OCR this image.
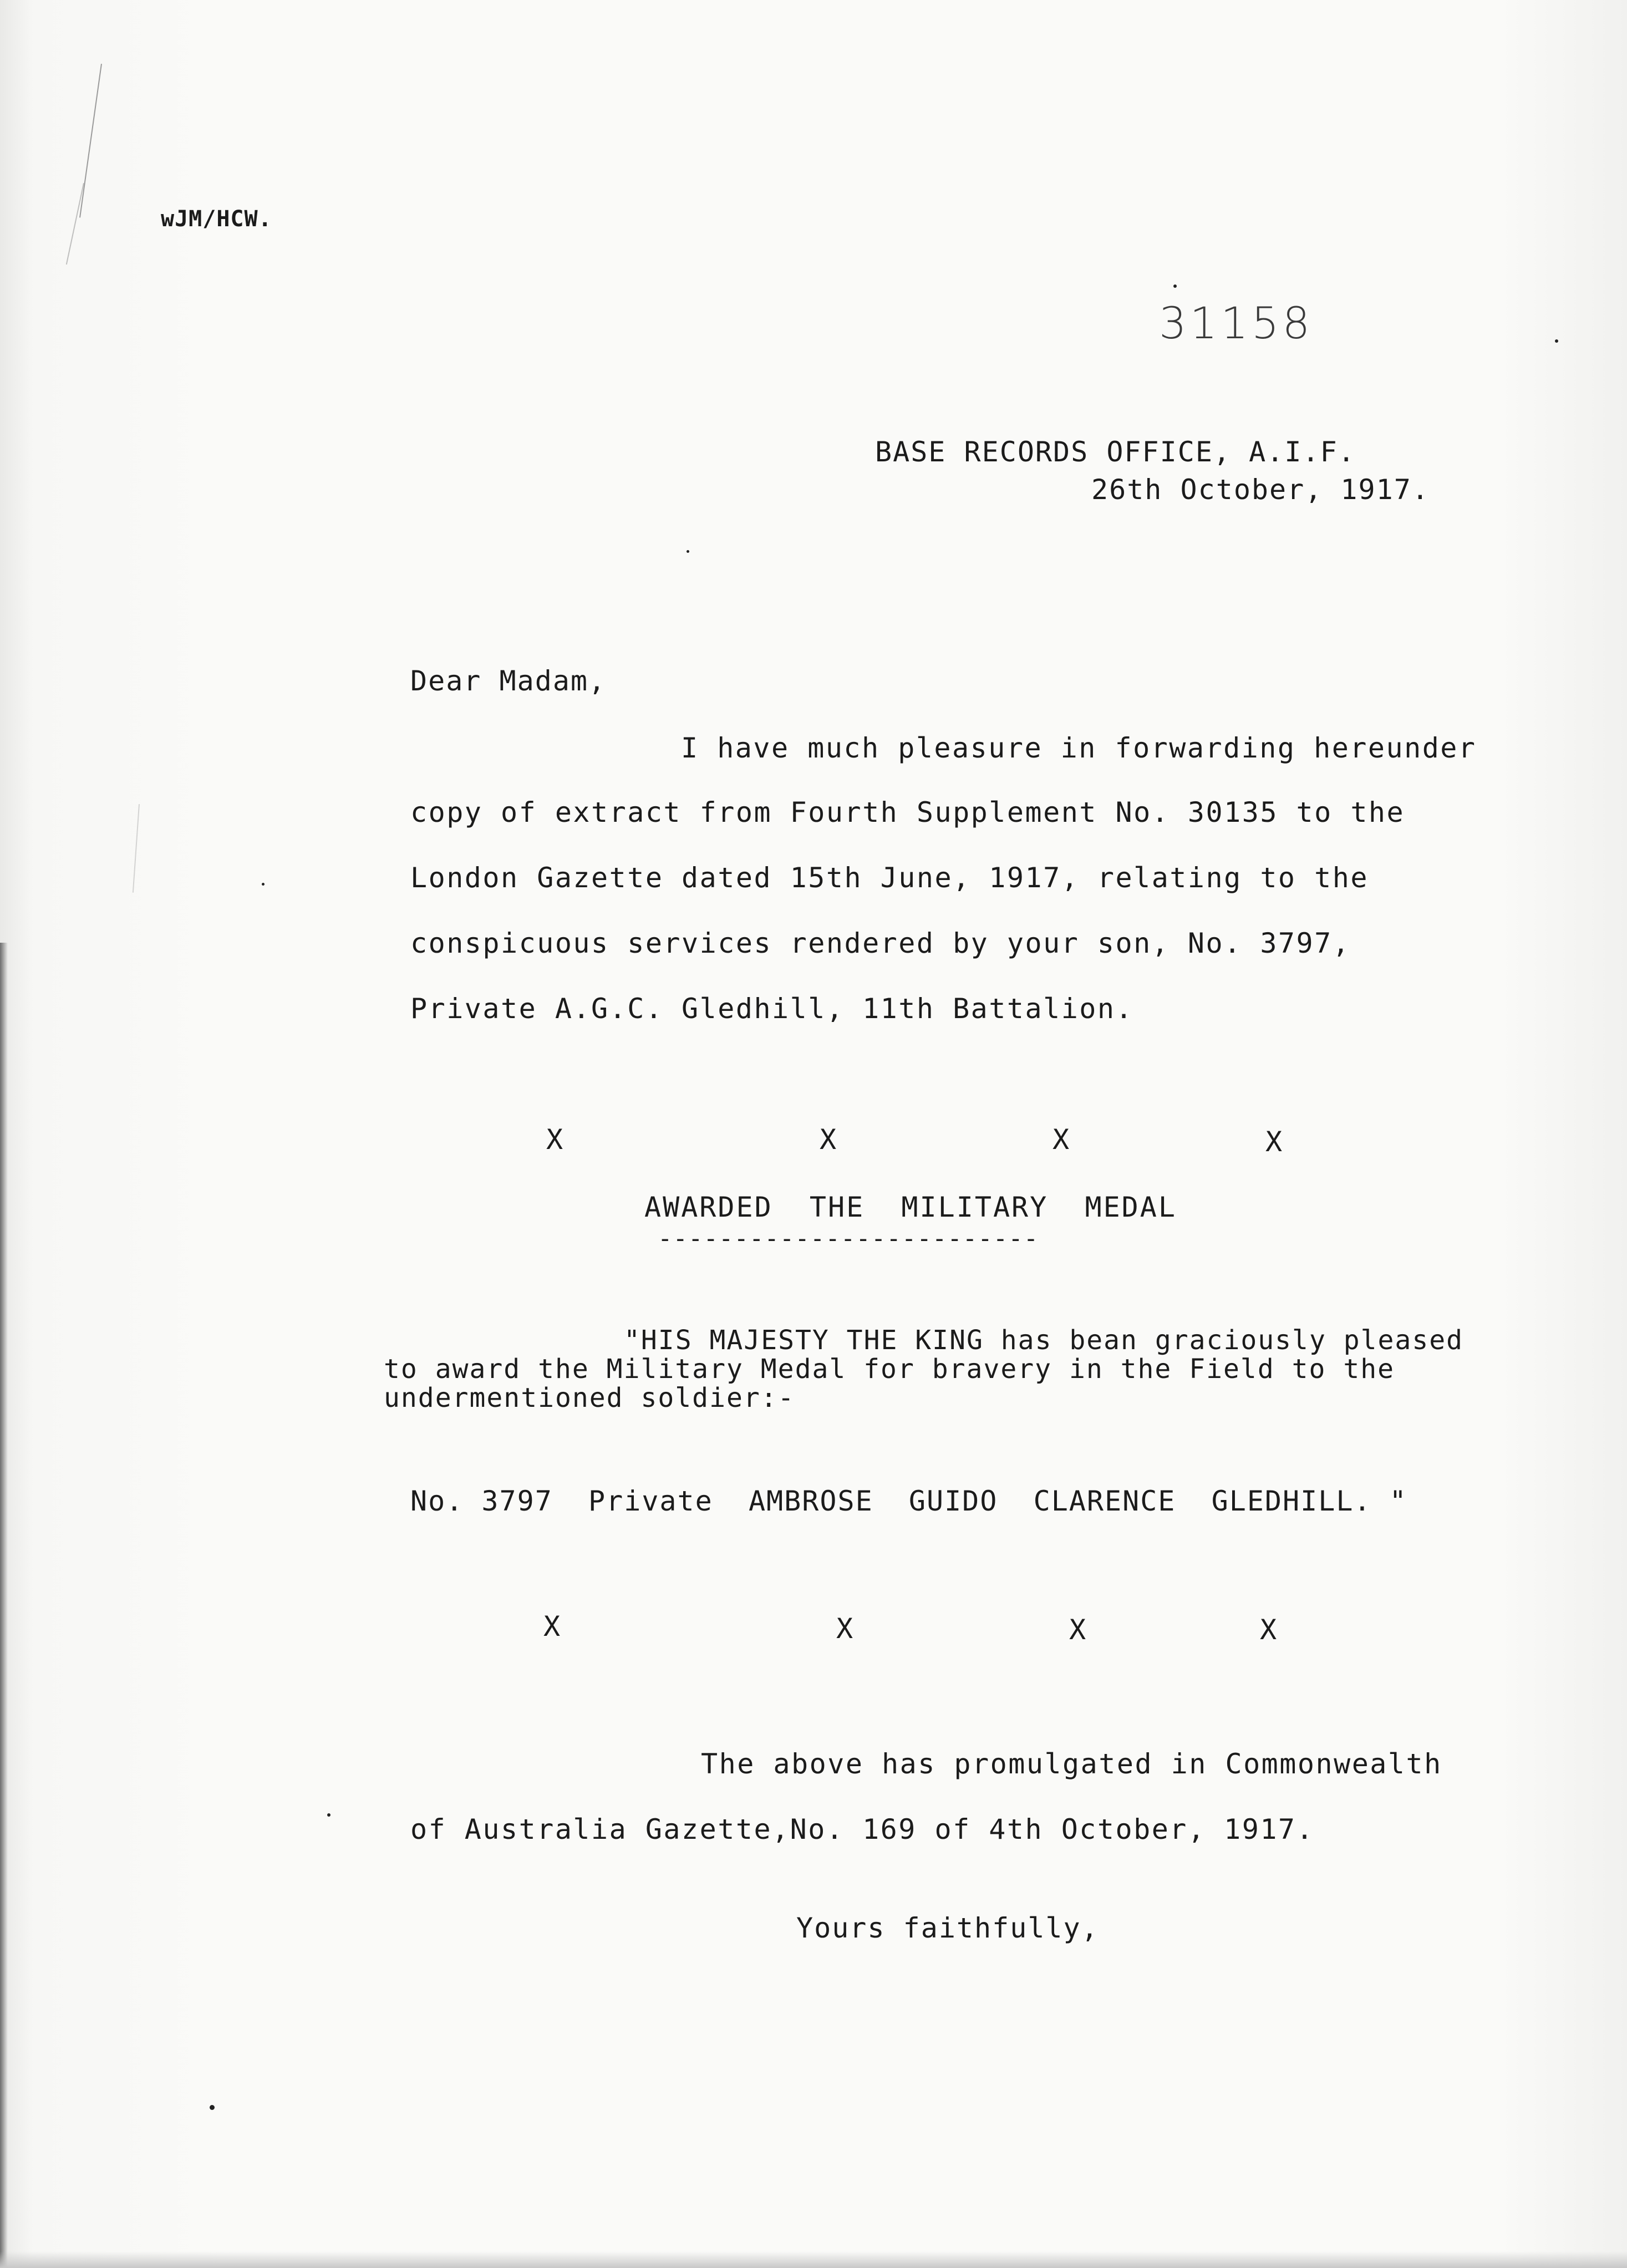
wJM/HCW.
31158
BASE RECORDS OFFICE, A.I.F.
26th October, 1917.
Dear Madam,
I have much pleasure in forwarding hereunder
copy of extract from Fourth Supplement No. 30135 to the
London Gazette dated 15th June, 1917, relating to the
conspicuous services rendered by your son, No. 3797,
Private A.G.C. Gledhill, 11th Battalion.
X	X	X	X
AWARDED  THE  MILITARY  MEDAL
-------------------------
"HIS MAJESTY THE KING has bean graciously pleased
to award the Military Medal for bravery in the Field to the
undermentioned soldier:-
No. 3797  Private  AMBROSE  GUIDO  CLARENCE  GLEDHILL. "
X	X	X	X
The above has promulgated in Commonwealth
of Australia Gazette,No. 169 of 4th October, 1917.
Yours faithfully,
